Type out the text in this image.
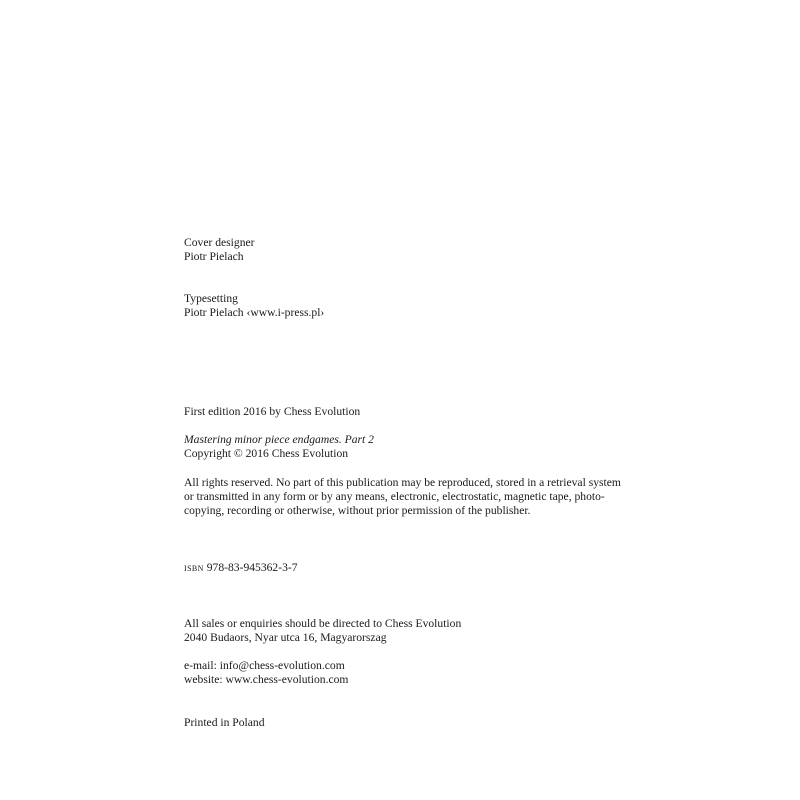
Cover designer
Piotr Pielach
Typesetting
Piotr Pielach ‹www.i-press.pl›
First edition 2016 by Chess Evolution
Mastering minor piece endgames. Part 2
Copyright © 2016 Chess Evolution
All rights reserved. No part of this publication may be reproduced, stored in a retrieval system
or transmitted in any form or by any means, electronic, electrostatic, magnetic tape, photo-
copying, recording or otherwise, without prior permission of the publisher.
isbn 978-83-945362-3-7
All sales or enquiries should be directed to Chess Evolution
2040 Budaors, Nyar utca 16, Magyarorszag
e-mail: info@chess-evolution.com
website: www.chess-evolution.com
Printed in Poland
